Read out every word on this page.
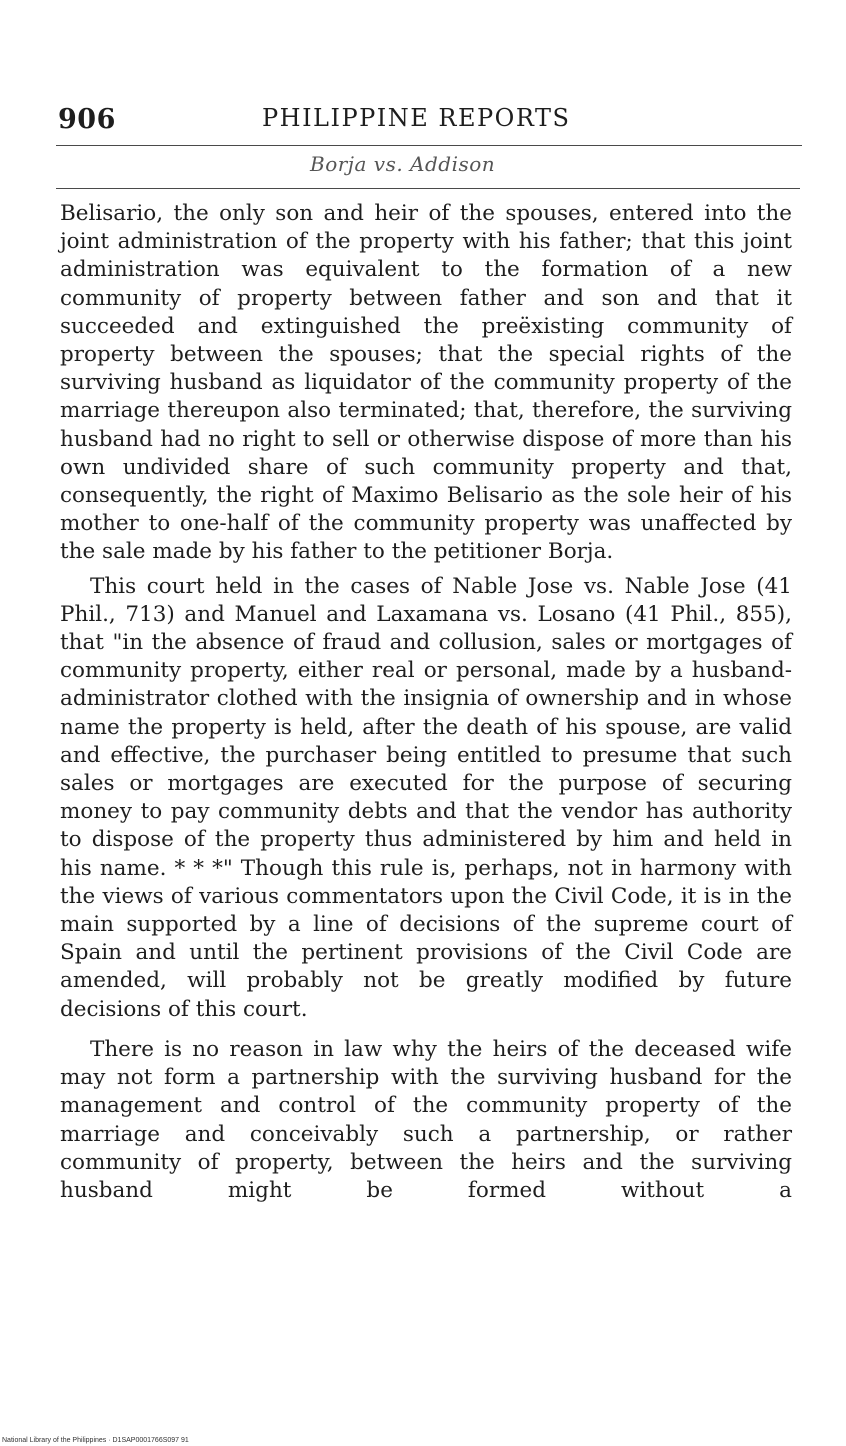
906	PHILIPPINE REPORTS
Borja vs. Addison

Belisario, the only son and heir of the spouses, entered into the joint administration of the property with his father; that this joint administration was equivalent to the formation of a new community of property between father and son and that it succeeded and extinguished the preëxisting community of property between the spouses; that the special rights of the surviving husband as liquidator of the community property of the marriage thereupon also terminated; that, therefore, the surviving husband had no right to sell or otherwise dispose of more than his own undivided share of such community property and that, consequently, the right of Maximo Belisario as the sole heir of his mother to one-half of the community property was unaffected by the sale made by his father to the petitioner Borja.

This court held in the cases of Nable Jose vs. Nable Jose (41 Phil., 713) and Manuel and Laxamana vs. Losano (41 Phil., 855), that "in the absence of fraud and collusion, sales or mortgages of community property, either real or personal, made by a husband-administrator clothed with the insignia of ownership and in whose name the property is held, after the death of his spouse, are valid and effective, the purchaser being entitled to presume that such sales or mortgages are executed for the purpose of securing money to pay community debts and that the vendor has authority to dispose of the property thus administered by him and held in his name. * * *" Though this rule is, perhaps, not in harmony with the views of various commentators upon the Civil Code, it is in the main supported by a line of decisions of the supreme court of Spain and until the pertinent provisions of the Civil Code are amended, will probably not be greatly modified by future decisions of this court.

There is no reason in law why the heirs of the deceased wife may not form a partnership with the surviving husband for the management and control of the community property of the marriage and conceivably such a partnership, or rather community of property, between the heirs and the surviving husband might be formed without a

National Library of the Philippines · D1SAP0001766S097 91
